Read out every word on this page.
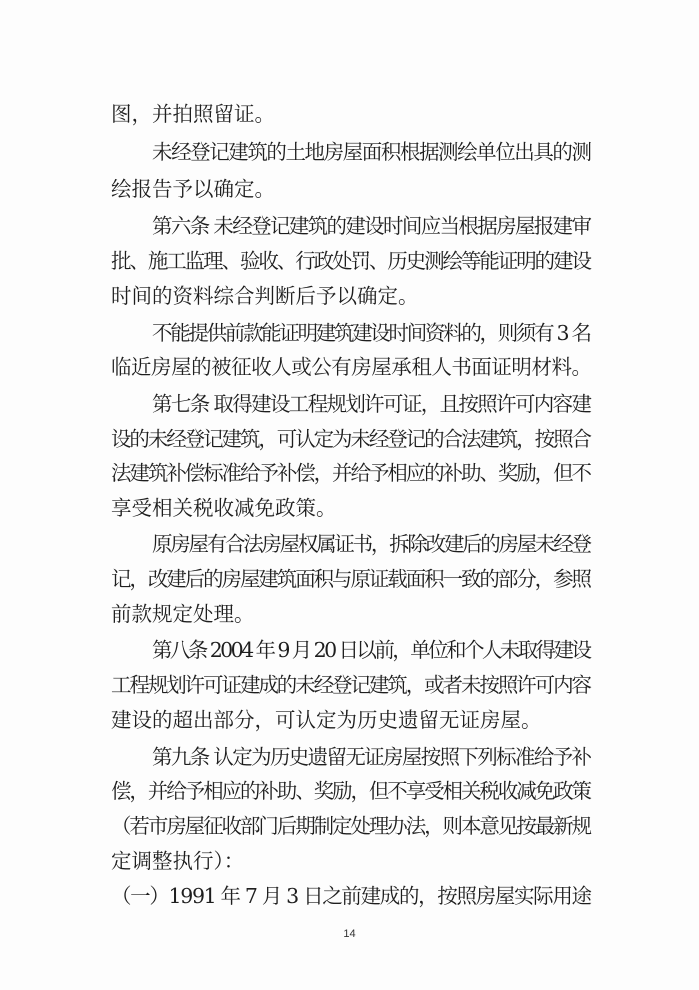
图，并拍照留证。
未经登记建筑的土地房屋面积根据测绘单位出具的测
绘报告予以确定。
第六条 未经登记建筑的建设时间应当根据房屋报建审
批、施工监理、验收、行政处罚、历史测绘等能证明的建设
时间的资料综合判断后予以确定。
不能提供前款能证明建筑建设时间资料的，则须有 3 名
临近房屋的被征收人或公有房屋承租人书面证明材料。
第七条 取得建设工程规划许可证，且按照许可内容建
设的未经登记建筑，可认定为未经登记的合法建筑，按照合
法建筑补偿标准给予补偿，并给予相应的补助、奖励，但不
享受相关税收减免政策。
原房屋有合法房屋权属证书，拆除改建后的房屋未经登
记，改建后的房屋建筑面积与原证载面积一致的部分，参照
前款规定处理。
第八条 2004 年 9 月 20 日以前，单位和个人未取得建设
工程规划许可证建成的未经登记建筑，或者未按照许可内容
建设的超出部分，可认定为历史遗留无证房屋。
第九条 认定为历史遗留无证房屋按照下列标准给予补
偿，并给予相应的补助、奖励，但不享受相关税收减免政策
（若市房屋征收部门后期制定处理办法，则本意见按最新规
定调整执行）：
（一）1991 年 7 月 3 日之前建成的，按照房屋实际用途
14
